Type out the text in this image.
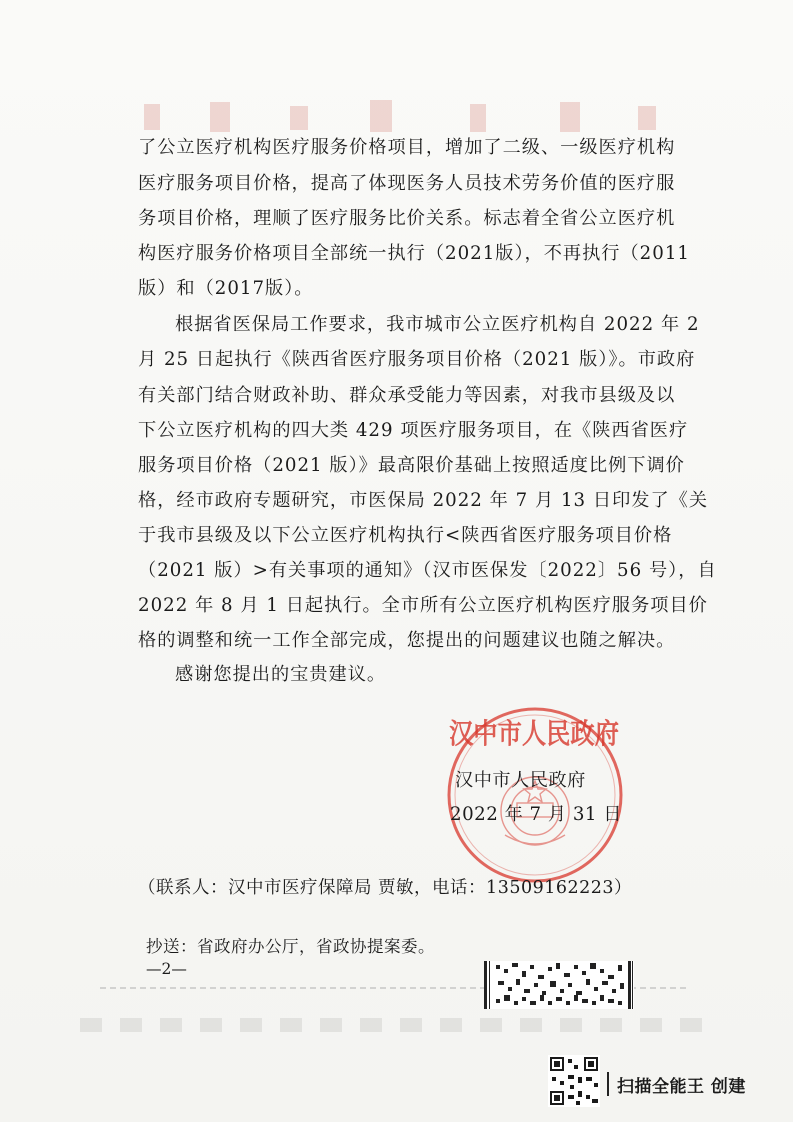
了公立医疗机构医疗服务价格项目，增加了二级、一级医疗机构
医疗服务项目价格，提高了体现医务人员技术劳务价值的医疗服
务项目价格，理顺了医疗服务比价关系。标志着全省公立医疗机
构医疗服务价格项目全部统一执行（2021版），不再执行（2011
版）和（2017版）。
根据省医保局工作要求，我市城市公立医疗机构自 2022 年 2
月 25 日起执行《陕西省医疗服务项目价格（2021 版）》。市政府
有关部门结合财政补助、群众承受能力等因素，对我市县级及以
下公立医疗机构的四大类 429 项医疗服务项目，在《陕西省医疗
服务项目价格（2021 版）》最高限价基础上按照适度比例下调价
格，经市政府专题研究，市医保局 2022 年 7 月 13 日印发了《关
于我市县级及以下公立医疗机构执行<陕西省医疗服务项目价格
（2021 版）>有关事项的通知》（汉市医保发〔2022〕56 号），自
2022 年 8 月 1 日起执行。全市所有公立医疗机构医疗服务项目价
格的调整和统一工作全部完成，您提出的问题建议也随之解决。
感谢您提出的宝贵建议。
汉中市人民政府
汉中市人民政府
2022 年 7 月 31 日
（联系人：汉中市医疗保障局 贾敏，电话：13509162223）
抄送：省政府办公厅，省政协提案委。
—2—
扫描全能王 创建
